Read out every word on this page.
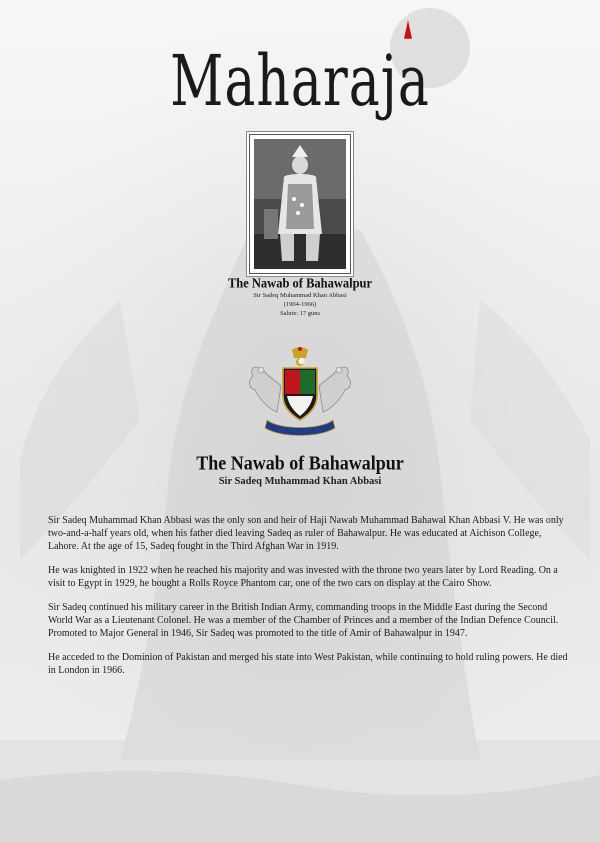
Maharaja
The Nawab of Bahawalpur
Sir Sadeq Muhammad Khan Abbasi
(1904-1966)
Salute: 17 guns
The Nawab of Bahawalpur
Sir Sadeq Muhammad Khan Abbasi

Sir Sadeq Muhammad Khan Abbasi was the only son and heir of Haji Nawab Muhammad Bahawal Khan Abbasi V. He was only two-and-a-half years old, when his father died leaving Sadeq as ruler of Bahawalpur. He was educated at Aichison College, Lahore. At the age of 15, Sadeq fought in the Third Afghan War in 1919.

He was knighted in 1922 when he reached his majority and was invested with the throne two years later by Lord Reading. On a visit to Egypt in 1929, he bought a Rolls Royce Phantom car, one of the two cars on display at the Cairo Show.

Sir Sadeq continued his military career in the British Indian Army, commanding troops in the Middle East during the Second World War as a Lieutenant Colonel. He was a member of the Chamber of Princes and a member of the Indian Defence Council. Promoted to Major General in 1946, Sir Sadeq was promoted to the title of Amir of Bahawalpur in 1947.

He acceded to the Dominion of Pakistan and merged his state into West Pakistan, while continuing to hold ruling powers. He died in London in 1966.
